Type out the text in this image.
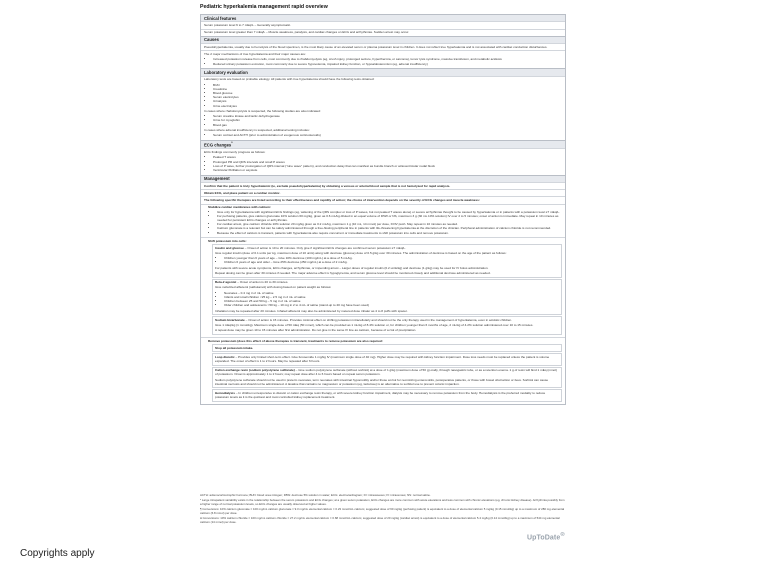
Pediatric hyperkalemia management rapid overview
Clinical features
Serum potassium level 6 to 7 mEq/L – Generally asymptomatic.
Serum potassium level greater than 7 mEq/L – Muscle weakness, paralysis, and cardiac changes on ECG and arrhythmias. Sudden arrest may occur.
Causes
Pseudohyperkalemia, usually due to hemolysis of the blood specimen, is the most likely cause of an elevated serum or plasma potassium level in children. It does not reflect true hyperkalemia and is not associated with cardiac conduction disturbances.

The 2 major mechanisms of true hyperkalemia and their major causes are:

• Increased potassium release from cells, most commonly due to rhabdomyolysis (eg, crush injury, prolonged seizure, hyperthermia, or sarcoma), tumor lysis syndrome, massive transfusion, and metabolic acidosis
• Reduced urinary potassium excretion, most commonly due to severe hypovolemia, impaired kidney function, or hypoaldosteronism (eg, adrenal insufficiency)
Laboratory evaluation

Laboratory tests are based on probable etiology. All patients with true hyperkalemia should have the following tests obtained:

• BUN
• Creatinine
• Blood glucose
• Serum electrolytes
• Urinalysis
• Urine electrolytes

In cases where rhabdomyolysis is suspected, the following studies are also indicated:

• Serum creatine kinase and lactic dehydrogenase
• Urine for myoglobin
• Blood gas

In cases where adrenal insufficiency is suspected, additional testing includes:

• Serum cortisol and ACTH (prior to administration of exogenous corticosteroids)
ECG changes*

ECG findings commonly progress as follows:

• Peaked T waves
• Prolonged PR and QRS intervals and small P waves
• Loss of P wave, further prolongation of QRS interval ("sine wave" pattern), and conduction delay that can manifest as bundle branch or atrioventricular nodal block
• Ventricular fibrillation or asystole
Management
Confirm that the patient is truly hyperkalemic (ie, exclude pseudohyperkalemia) by obtaining a venous or arterial blood sample that is not hemolyzed for rapid analysis.
Obtain ECG, and place patient on a cardiac monitor.
The following specific therapies are listed according to their effectiveness and rapidity of action; the choice of intervention depends on the severity of ECG changes and muscle weakness:
Stabilize cardiac membranes with calcium:
• Give only for hyperkalemia with significant ECG findings (eg, widening of the QRS complex or loss of P waves, but not peaked T waves alone) or severe arrhythmias thought to be caused by hyperkalemia or in patients with a potassium level ≥7 mEq/L.
• For perfusing patients, give calcium gluconate 10% solution 60 mg/kg, given as 0.6 mL/kg diluted in an equal volume of D5W or NS, maximum 3 g (30 mL 10% solution) IV over 2 to 5 minutes; onset of action is immediate. May repeat in 10 minutes as needed for persistent ECG changes or arrhythmias.
• For cardiac arrest, give calcium chloride 10% solution 20 mg/kg given as 0.2 mL/kg, maximum 1 g (10 mL, 14 mmol) per dose, IO/IV push. May repeat in 10 minutes as needed.
• Calcium gluconate is a relevant but can be safely administered through a free-flowing peripheral line in patients with life-threatening hyperkalemia at the discretion of the clinician. Peripheral administration of calcium chloride is not recommended.
• Because the effect of calcium is transient, patients with hyperkalemia also require concurrent or immediate treatments to shift potassium into cells and remove potassium.
Shift potassium into cells:

Insulin and glucose – Onset of action is 10 to 20 minutes. Only give if significant ECG changes are confirmed serum potassium ≥7 mEq/L.

Give regular insulin (dose of 0.1 units per kg, maximum dose of 10 units) along with dextrose (glucose) dose of 0.5 g/kg over 30 minutes. The administration of dextrose is based on the age of the patient as follows:

• Children younger than 6 years of age – Give 10% dextrose (100 mg/mL) at a dose of 5 mL/kg.
• Children 6 years of age and older – Give 25% dextrose (250 mg/mL) at a dose of 2 mL/kg.

For patients with severe acute symptoms, ECG changes, arrhythmias, or impending arrest – Larger doses of regular insulin (0.2 units/kg) and dextrose (1 g/kg) may be used for IV bolus administration.

Repeat dosing can be given after 30 minutes if needed. The major adverse effect is hypoglycemia, and serum glucose level should be monitored closely and additional dextrose administered as needed.

Beta-2 agonist – Onset of action is 20 to 30 minutes.

Give nebulized albuterol (salbutamol) with dosing based on patient weight as follows:

• Neonates – 0.4 mg in 2 mL of saline
• Infants and small children <25 kg – 2.5 mg in 2 mL of saline
• Children between 25 and 50 kg – 5 mg in 2 mL of saline
• Older children and adolescents >50 kg – 10 mg in 2 to 4 mL of saline (stand-up to 20 mg have been used)

Inhalation may be repeated after 20 minutes. Inhaled albuterol may also be administered by metered dose inhaler as 4 to 8 puffs with spacer.

Sodium bicarbonate – Onset of action is 15 minutes. Provides minimal effect on shifting potassium intracellularly and should not be the only therapy used in the management of hyperkalemia, even in acidotic children.

Give 1 mEq/kg (1 mmol/kg). Maximum single dose of 50 mEq (50 mmol), which can be provided as 1 mL/kg of 8.4% solution or, for children younger than 6 months of age, 2 mL/kg of 4.2% solution administered over 10 to 15 minutes.

A repeat dose may be given 10 to 15 minutes after first administration. Do not give in the same IV line as calcium, because of a risk of precipitation.

Remove potassium (does this effect of above therapies is transient, treatments to remove potassium are also required:

Stop all potassium intake.

Loop diuretic – Provides only limited short-term effect. Give furosemide 1 mg/kg IV (maximum single dose of 40 mg). Higher dose may be required with kidney function impairment. Dose loss needs must be replaced unless the patient is volume expanded. The onset of effect is 1 to 2 hours. May be repeated after 6 hours.

Cation exchange resin (sodium polystyrene sulfonate) – Give sodium polystyrene sulfonate (without sorbitol) at a dose of 1 g/kg (maximum dose of 50 g) orally, through nasogastric tube, or as a retention enema. 1 g of resin will bind 1 mEq (mmol) of potassium. Onset is approximately 1 to 2 hours; may repeat dose after 4 to 6 hours based on repeat serum potassium.

Sodium polystyrene sulfonate should not be used in preterm neonates, term neonates with intestinal hypomotility and/or those at risk for necrotizing enterocolitis, postoperative patients, or those with bowel obstruction or ileus. Sorbitol can cause intestinal necrosis and should not be administered. A laxative that contains no magnesium or potassium (eg, lactulose) is an alternative to sorbitol use to prevent colonic impaction.

Hemodialysis – In children unresponsive to diuretic or cation exchange resin therapy, or with severe kidney function impairment, dialysis may be necessary to remove potassium from the body. Hemodialysis is the preferred modality to reduce potassium levels as it is the quickest and most controlled kidney replacement treatment.

ACTH: adrenocorticotrophic hormone; BUN: blood urea nitrogen; D5W: dextrose 5% solution in water; ECG: electrocardiogram; IO: intraosseous; IV: intravenous; NS: normal saline.

* Large intrapatient variability exists in the relationship between the serum potassium and ECG changes; at a given serum potassium, ECG changes are more common with acute elevations and less common with chronic elevations (eg, chronic kidney disease). Arrhythmia possibly from a higher range of normal potassium levels, so ECG changes are usually observed at higher values.

¶ Conversions: 10% calcium gluconate = 100 mg/mL calcium gluconate = 9.3 mg/mL elemental calcium = 0.23 mmol/mL calcium; suggested dose of 60 mg/kg (perfusing patient) is equivalent to a dose of elemental calcium 5 mg/kg (0.15 mmol/kg) up to a maximum of 280 mg elemental calcium (6.8 mmol) per dose.

Δ Conversions: 10% calcium chloride = 100 mg/mL calcium chloride = 27.2 mg/mL elemental calcium = 0.68 mmol/mL calcium; suggested dose of 20 mg/kg (cardiac arrest) is equivalent to a dose of elemental calcium 5.4 mg/kg (0.14 mmol/kg) up to a maximum of 544 mg elemental calcium (14 mmol) per dose.

UpToDate®
Copyrights apply
